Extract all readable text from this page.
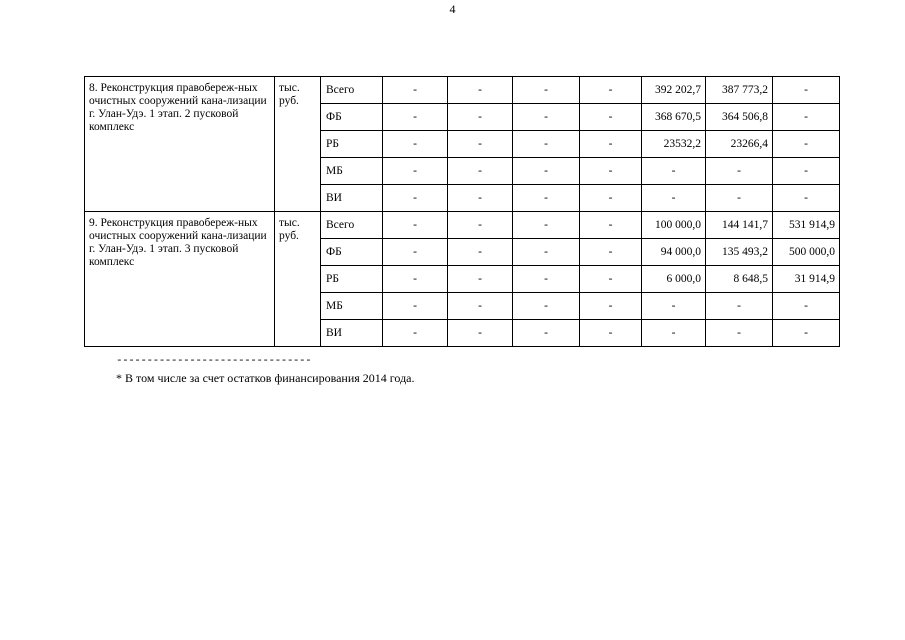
4
8. Реконструкция правобереж-ных очистных сооружений кана-лизации г. Улан-Удэ. 1 этап. 2 пусковой комплекс	тыс. руб.	Всего	-	-	-	-	392 202,7	387 773,2	-
		ФБ	-	-	-	-	368 670,5	364 506,8	-
		РБ	-	-	-	-	23532,2	23266,4	-
		МБ	-	-	-	-	-	-	-
		ВИ	-	-	-	-	-	-	-
9. Реконструкция правобереж-ных очистных сооружений кана-лизации г. Улан-Удэ. 1 этап. 3 пусковой комплекс	тыс. руб.	Всего	-	-	-	-	100 000,0	144 141,7	531 914,9
		ФБ	-	-	-	-	94 000,0	135 493,2	500 000,0
		РБ	-	-	-	-	6 000,0	8 648,5	31 914,9
		МБ	-	-	-	-	-	-	-
		ВИ	-	-	-	-	-	-	-
--------------------------------
* В том числе за счет остатков финансирования 2014 года.
